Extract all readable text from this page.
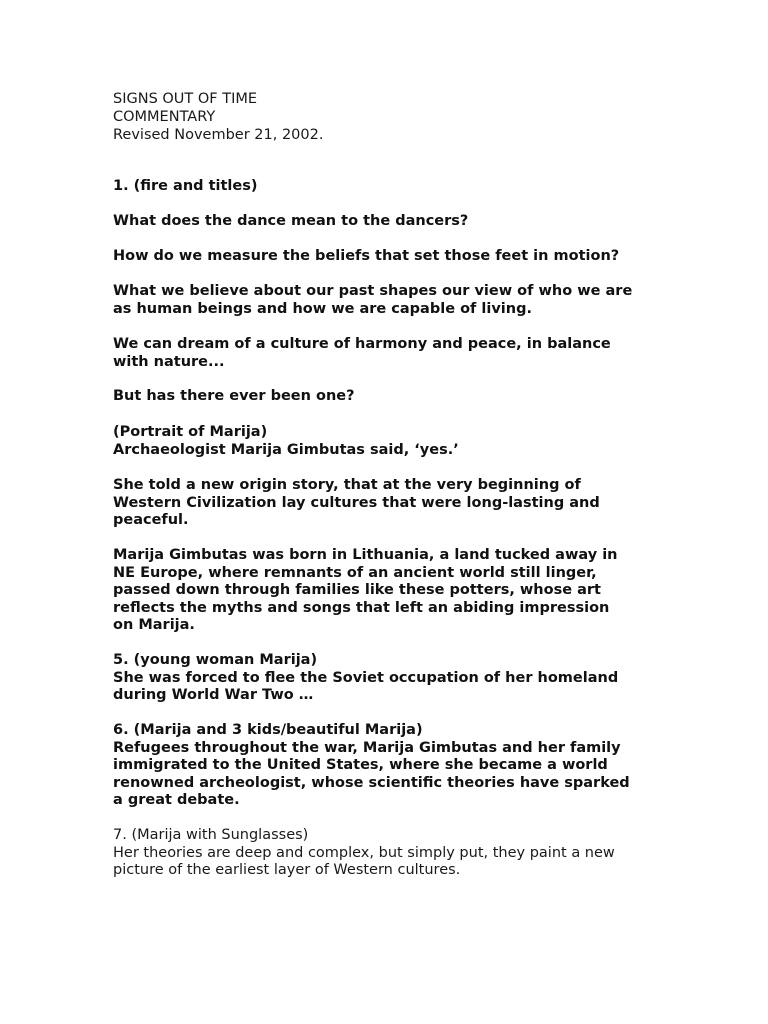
SIGNS OUT OF TIME
COMMENTARY
Revised November 21, 2002.
1. (fire and titles)
What does the dance mean to the dancers?
How do we measure the beliefs that set those feet in motion?
What we believe about our past shapes our view of who we are
as human beings and how we are capable of living.
We can dream of a culture of harmony and peace, in balance
with nature...
But has there ever been one?
(Portrait of Marija)
Archaeologist Marija Gimbutas said, ‘yes.’
She told a new origin story, that at the very beginning of
Western Civilization lay cultures that were long-lasting and
peaceful.
Marija Gimbutas was born in Lithuania, a land tucked away in
NE Europe, where remnants of an ancient world still linger,
passed down through families like these potters, whose art
reflects the myths and songs that left an abiding impression
on Marija.
5. (young woman Marija)
She was forced to flee the Soviet occupation of her homeland
during World War Two …
6. (Marija and 3 kids/beautiful Marija)
Refugees throughout the war, Marija Gimbutas and her family
immigrated to the United States, where she became a world
renowned archeologist, whose scientific theories have sparked
a great debate.
7. (Marija with Sunglasses)
Her theories are deep and complex, but simply put, they paint a new
picture of the earliest layer of Western cultures.
